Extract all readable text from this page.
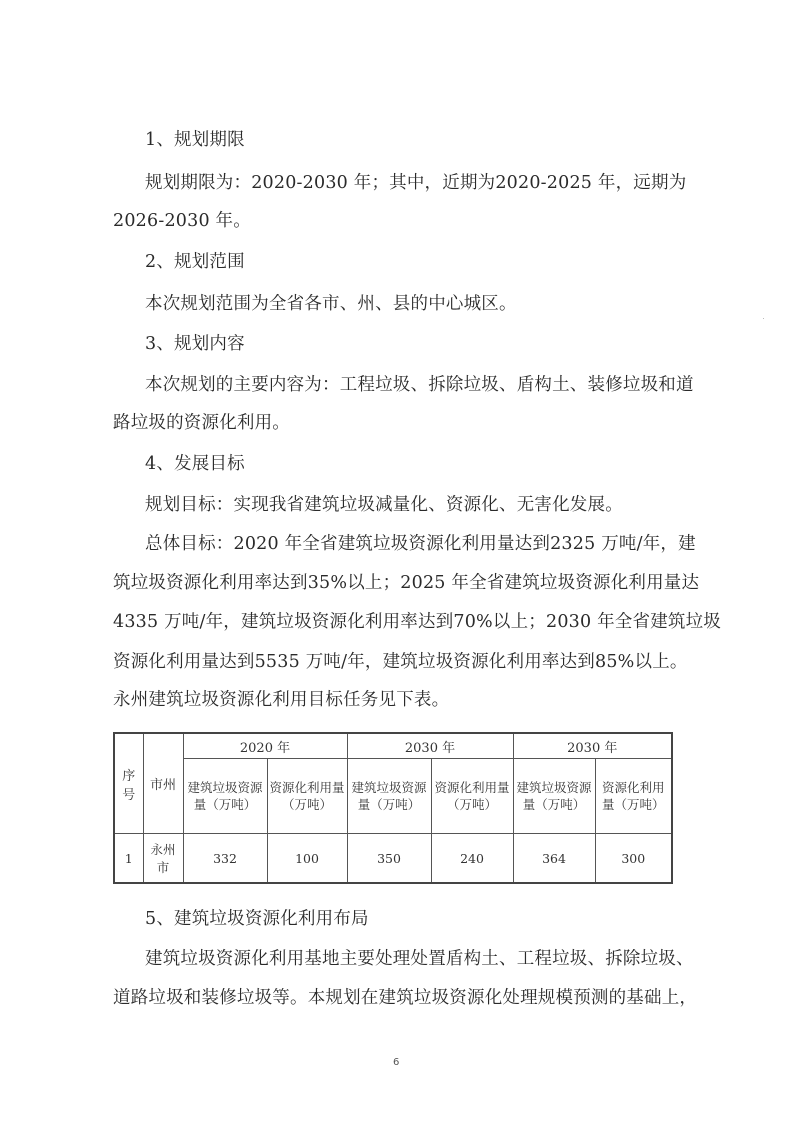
1、规划期限
规划期限为：2020-2030 年；其中，近期为2020-2025 年，远期为
2026-2030 年。
2、规划范围
本次规划范围为全省各市、州、县的中心城区。
3、规划内容
本次规划的主要内容为：工程垃圾、拆除垃圾、盾构土、装修垃圾和道
路垃圾的资源化利用。
4、发展目标
规划目标：实现我省建筑垃圾减量化、资源化、无害化发展。
总体目标：2020 年全省建筑垃圾资源化利用量达到2325 万吨/年，建
筑垃圾资源化利用率达到35%以上；2025 年全省建筑垃圾资源化利用量达
4335 万吨/年，建筑垃圾资源化利用率达到70%以上；2030 年全省建筑垃圾
资源化利用量达到5535 万吨/年，建筑垃圾资源化利用率达到85%以上。
永州建筑垃圾资源化利用目标任务见下表。
序号	市州	2020 年		2030 年		2030 年	
		建筑垃圾资源量（万吨）	资源化利用量（万吨）	建筑垃圾资源量（万吨）	资源化利用量（万吨）	建筑垃圾资源量（万吨）	资源化利用量（万吨）
1	永州市	332	100	350	240	364	300
5、建筑垃圾资源化利用布局
建筑垃圾资源化利用基地主要处理处置盾构土、工程垃圾、拆除垃圾、
道路垃圾和装修垃圾等。本规划在建筑垃圾资源化处理规模预测的基础上，
6
